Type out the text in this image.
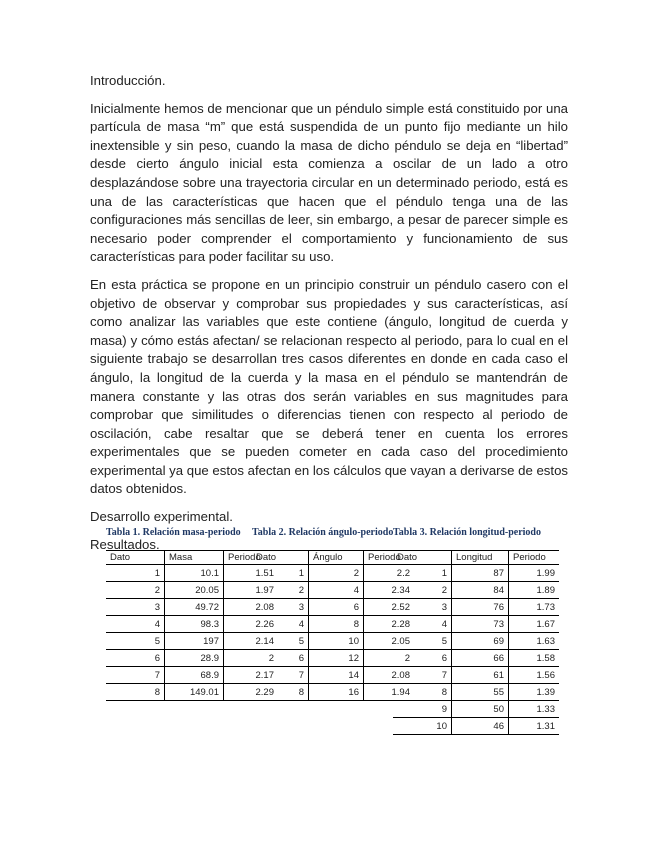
Introducción.

Inicialmente hemos de mencionar que un péndulo simple está constituido por una partícula de masa “m” que está suspendida de un punto fijo mediante un hilo inextensible y sin peso, cuando la masa de dicho péndulo se deja en “libertad” desde cierto ángulo inicial esta comienza a oscilar de un lado a otro desplazándose sobre una trayectoria circular en un determinado periodo, está es una de las características que hacen que el péndulo tenga una de las configuraciones más sencillas de leer, sin embargo, a pesar de parecer simple es necesario poder comprender el comportamiento y funcionamiento de sus características para poder facilitar su uso.

En esta práctica se propone en un principio construir un péndulo casero con el objetivo de observar y comprobar sus propiedades y sus características, así como analizar las variables que este contiene (ángulo, longitud de cuerda y masa) y cómo estás afectan/ se relacionan respecto al periodo, para lo cual en el siguiente trabajo se desarrollan tres casos diferentes en donde en cada caso el ángulo, la longitud de la cuerda y la masa en el péndulo se mantendrán de manera constante y las otras dos serán variables en sus magnitudes para comprobar que similitudes o diferencias tienen con respecto al periodo de oscilación, cabe resaltar que se deberá tener en cuenta los errores experimentales que se pueden cometer en cada caso del procedimiento experimental ya que estos afectan en los cálculos que vayan a derivarse de estos datos obtenidos.

Desarrollo experimental.

Resultados.

Tabla 1. Relación masa-periodo
Dato	Masa	Periodo
1	10.1	1.51
2	20.05	1.97
3	49.72	2.08
4	98.3	2.26
5	197	2.14
6	28.9	2
7	68.9	2.17
8	149.01	2.29
Tabla 2. Relación ángulo-periodo
Dato	Ángulo	Periodo
1	2	2.2
2	4	2.34
3	6	2.52
4	8	2.28
5	10	2.05
6	12	2
7	14	2.08
8	16	1.94
Tabla 3. Relación longitud-periodo
Dato	Longitud	Periodo
1	87	1.99
2	84	1.89
3	76	1.73
4	73	1.67
5	69	1.63
6	66	1.58
7	61	1.56
8	55	1.39
9	50	1.33
10	46	1.31
